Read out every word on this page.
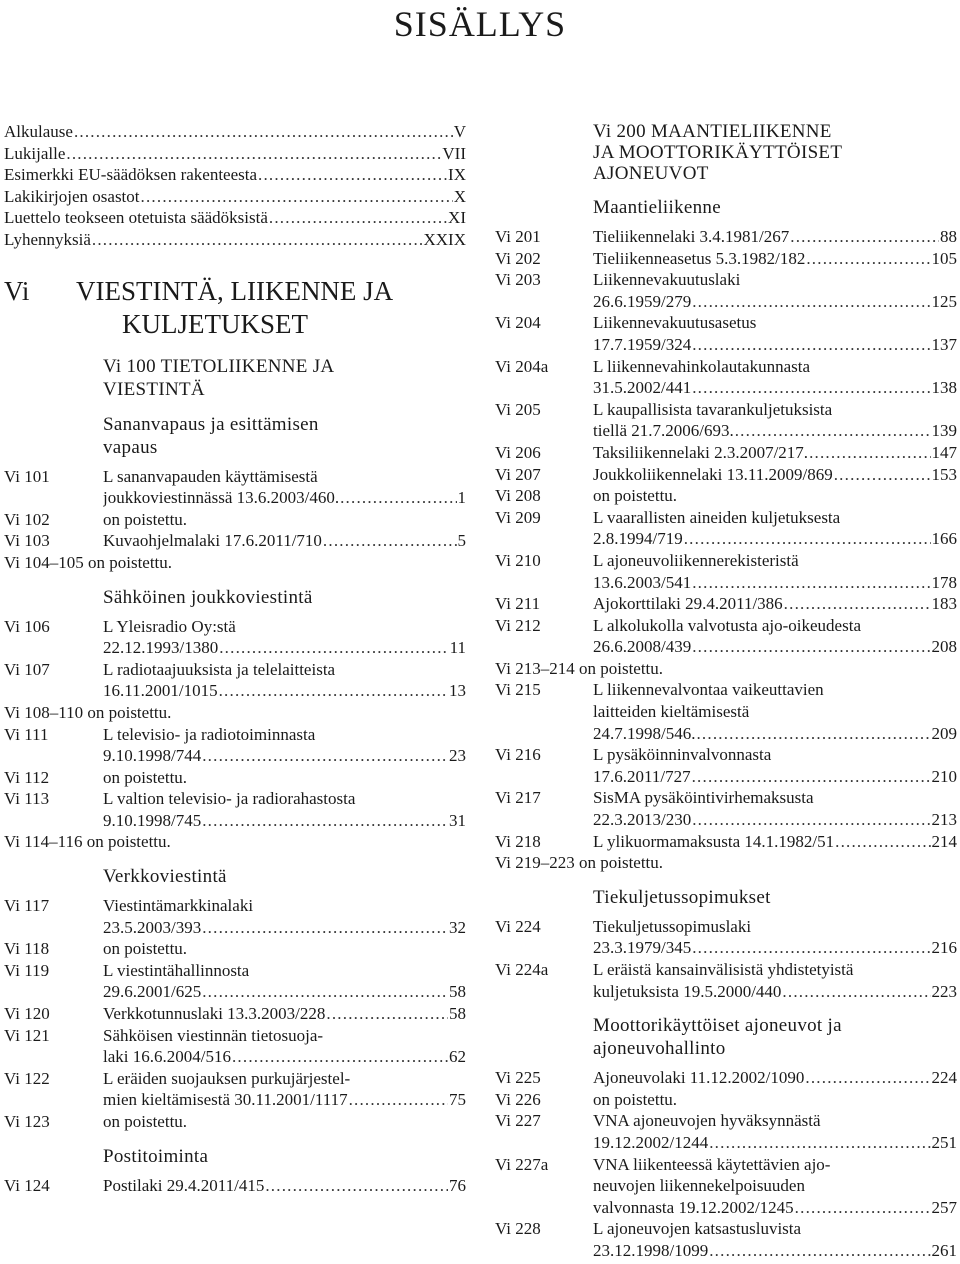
SISÄLLYS
Alkulause .....	V
Lukijalle .....	VII
Esimerkki EU-säädöksen rakenteesta .....	IX
Lakikirjojen osastot .....	X
Luettelo teokseen otetuista säädöksistä .....	XI
Lyhennyksiä .....	XXIX
Vi	VIESTINTÄ, LIIKENNE JA
KULJETUKSET
Vi 100 TIETOLIIKENNE JA
VIESTINTÄ
Sananvapaus ja esittämisen
vapaus
Vi 101	L sananvapauden käyttämisestä
joukkoviestinnässä 13.6.2003/460. .....	1
Vi 102	on poistettu.
Vi 103	Kuvaohjelmalaki 17.6.2011/710 .....	5
Vi 104–105 on poistettu.
Sähköinen joukkoviestintä
Vi 106	L Yleisradio Oy:stä
22.12.1993/1380 .....	11
Vi 107	L radiotaajuuksista ja telelaitteista
16.11.2001/1015 .....	13
Vi 108–110 on poistettu.
Vi 111	L televisio- ja radiotoiminnasta
9.10.1998/744 .....	23
Vi 112	on poistettu.
Vi 113	L valtion televisio- ja radiorahastosta
9.10.1998/745 .....	31
Vi 114–116 on poistettu.
Verkkoviestintä
Vi 117	Viestintämarkkinalaki
23.5.2003/393 .....	32
Vi 118	on poistettu.
Vi 119	L viestintähallinnosta
29.6.2001/625 .....	58
Vi 120	Verkkotunnuslaki 13.3.2003/228 .....	58
Vi 121	Sähköisen viestinnän tietosuoja-
laki 16.6.2004/516 .....	62
Vi 122	L eräiden suojauksen purkujärjestel-
mien kieltämisestä 30.11.2001/1117 .....	75
Vi 123	on poistettu.
Postitoiminta
Vi 124	Postilaki 29.4.2011/415 .....	76
Vi 200 MAANTIELIIKENNE
JA MOOTTORIKÄYTTÖISET
AJONEUVOT
Maantieliikenne
Vi 201	Tieliikennelaki 3.4.1981/267 .....	88
Vi 202	Tieliikenneasetus 5.3.1982/182 .....	105
Vi 203	Liikennevakuutuslaki
26.6.1959/279 .....	125
Vi 204	Liikennevakuutusasetus
17.7.1959/324 .....	137
Vi 204a	L liikennevahinkolautakunnasta
31.5.2002/441 .....	138
Vi 205	L kaupallisista tavarankuljetuksista
tiellä 21.7.2006/693. .....	139
Vi 206	Taksiliikennelaki 2.3.2007/217. .....	147
Vi 207	Joukkoliikennelaki 13.11.2009/869 .....	153
Vi 208	on poistettu.
Vi 209	L vaarallisten aineiden kuljetuksesta
2.8.1994/719 .....	166
Vi 210	L ajoneuvoliikennerekisteristä
13.6.2003/541 .....	178
Vi 211	Ajokorttilaki 29.4.2011/386 .....	183
Vi 212	L alkolukolla valvotusta ajo-oikeudesta
26.6.2008/439 .....	208
Vi 213–214 on poistettu.
Vi 215	L liikennevalvontaa vaikeuttavien
laitteiden kieltämisestä
24.7.1998/546. .....	209
Vi 216	L pysäköinninvalvonnasta
17.6.2011/727 .....	210
Vi 217	SisMA pysäköintivirhemaksusta
22.3.2013/230 .....	213
Vi 218	L ylikuormamaksusta 14.1.1982/51 .....	214
Vi 219–223 on poistettu.
Tiekuljetussopimukset
Vi 224	Tiekuljetussopimuslaki
23.3.1979/345 .....	216
Vi 224a	L eräistä kansainvälisistä yhdistetyistä
kuljetuksista 19.5.2000/440 .....	223
Moottorikäyttöiset ajoneuvot ja
ajoneuvohallinto
Vi 225	Ajoneuvolaki 11.12.2002/1090 .....	224
Vi 226	on poistettu.
Vi 227	VNA ajoneuvojen hyväksynnästä
19.12.2002/1244 .....	251
Vi 227a	VNA liikenteessä käytettävien ajo-
neuvojen liikennekelpoisuuden
valvonnasta 19.12.2002/1245 .....	257
Vi 228	L ajoneuvojen katsastusluvista
23.12.1998/1099 .....	261
